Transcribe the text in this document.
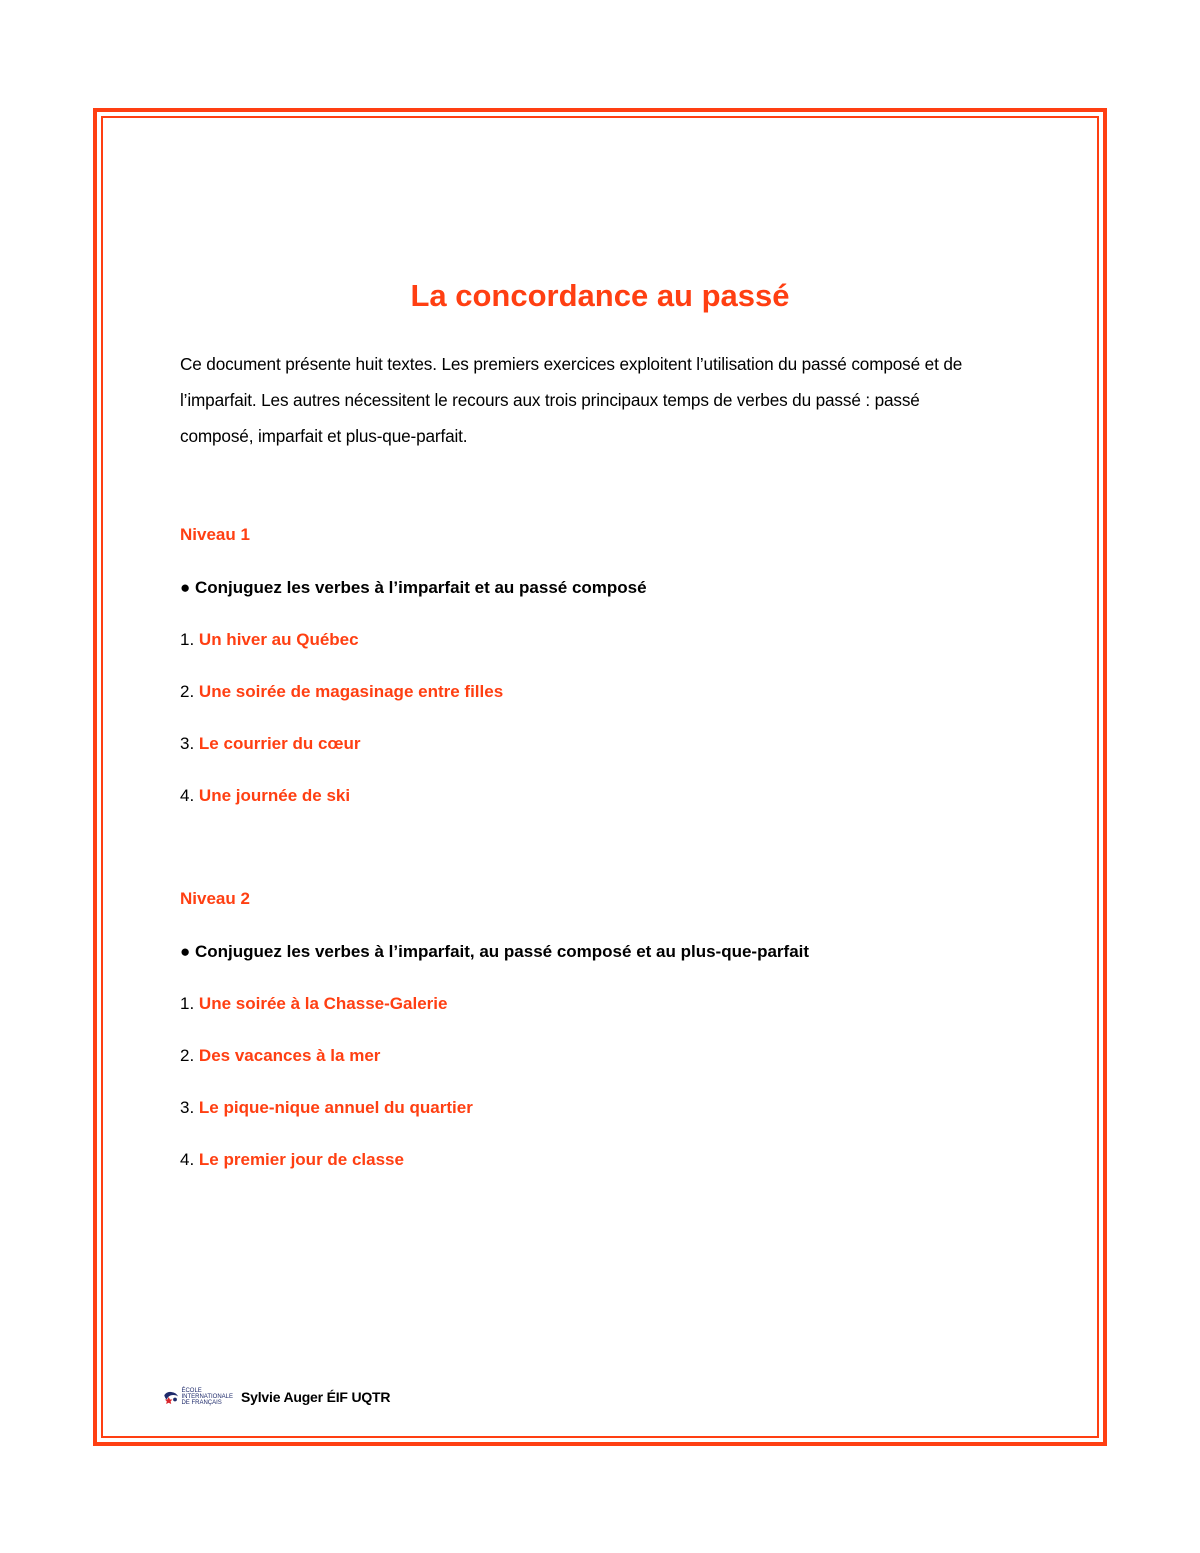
La concordance au passé

Ce document présente huit textes. Les premiers exercices exploitent l’utilisation du passé composé et de l’imparfait. Les autres nécessitent le recours aux trois principaux temps de verbes du passé : passé composé, imparfait et plus-que-parfait.

Niveau 1

● Conjuguez les verbes à l’imparfait et au passé composé

1. Un hiver au Québec

2. Une soirée de magasinage entre filles

3. Le courrier du cœur

4. Une journée de ski

Niveau 2

● Conjuguez les verbes à l’imparfait, au passé composé et au plus-que-parfait

1. Une soirée à la Chasse-Galerie

2. Des vacances à la mer

3. Le pique-nique annuel du quartier

4. Le premier jour de classe

ÉCOLE
INTERNATIONALE
DE FRANÇAIS	Sylvie Auger ÉIF UQTR
